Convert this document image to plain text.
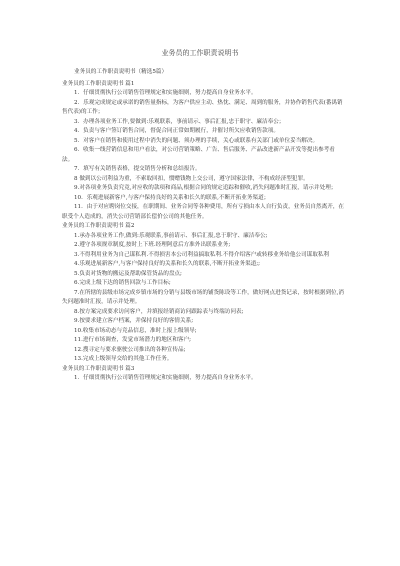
业务员的工作职责说明书
业务员的工作职责说明书（精选5篇）
业务员的工作职责说明书 篇1
1．仔细贯彻执行公司销售管理规定和实施细则，努力提高自身业务水平。
2．乐观完成规定或承诺的销售量指标，为客户供应主动、热忱、满足、周到的服务，并协作销售代表(番禺销售代表)的工作；
3．办理各项业务工作,要做到:乐观联系，事前请示、事后汇报,忠于职守、廉洁奉公；
4．负责与客户签订销售合同，督促合同正常如期履行，并催讨所欠应收销售款项。
5．对客户在销售和使用过程中消失的问题、须办理的手续，关心或联系有关部门或单位妥当解决。
6．收集一线营销信息和用户看法，对公司营销策略、广告、售后服务、产品改进新产品开发等提出参考看法。
7．填写有关销售表格，提交销售分析和总结报告。
8 做到以公司利益为重，不索取回扣，惯赠钱物上交公司，遵守国家法律，不构成经济型犯罪。
9.对各项业务负责究竟,对应收的款项和商品,根据合同的规定追踪和催收,消失问题准时汇报，请示并处理；
10．乐观进展新客户,与客户保持良好的关系和长久的联系,不断开拓业务渠道；
11．由于对应聘岗位交接，在职期间、业务合同等各种费用，所有亏损由本人自行负责，业务员自然离开，在职受个人造成的，消失公司营销部长偿价公司的其他任务。
业务员的工作职责说明书 篇2
1.承办各项业务工作,做到:乐观联系,事前请示、事后汇报,忠于职守、廉洁奉公;
2.遵守各项规章制度,按时上下班.经理阿意后方准外出联系业务;
3.不得利用业务为自己谋私利.不得损害本公司利益搞取私利.不得介绍客户或转移业务给他公司谋取私利
4.乐观进展新客户,与客户保持良好的关系和长久的联系,不断开拓业务渠道;;
5.负责对货物的搬运及帮助保管货品的盘点;
6.完成上级下达的销售回款与工作目标;
7.在所辖的县级市场完成乡镇市场的分销与县级市场的铺货陈设等工作，做好网点进货记录，按时根据到位,消失问题准时汇报，请示并处理。
8.按方案完成要求访问客户，并填报经销商访问跟踪表与终端访问表;
9.按要求建立客户档案，并保持良好的客情关系;
10.收集市场动态与竞品信息，准时上报上级领导;
11.进行市场调查，发觉市场潜力的地区和客户;
12.搜寻定与要求驱驶公司推出的各种宣传品;
13.完成上级领导交给的其他工作任务。
业务员的工作职责说明书 篇3
1．仔细贯彻执行公司销售管理规定和实施细则，努力提高自身业务水平。
